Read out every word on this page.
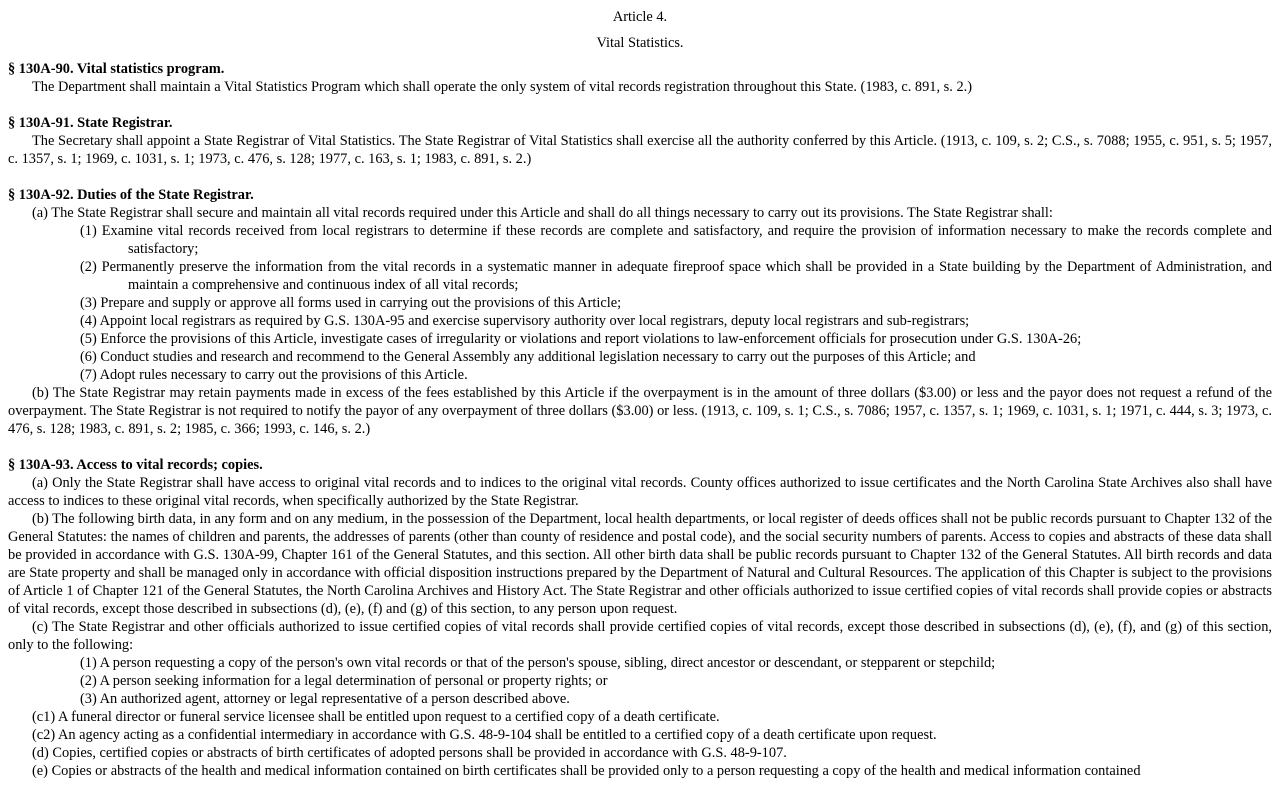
Article 4.

Vital Statistics.

§ 130A-90. Vital statistics program.

The Department shall maintain a Vital Statistics Program which shall operate the only system of vital records registration throughout this State. (1983, c. 891, s. 2.)

§ 130A-91. State Registrar.

The Secretary shall appoint a State Registrar of Vital Statistics. The State Registrar of Vital Statistics shall exercise all the authority conferred by this Article. (1913, c. 109, s. 2; C.S., s. 7088; 1955, c. 951, s. 5; 1957, c. 1357, s. 1; 1969, c. 1031, s. 1; 1973, c. 476, s. 128; 1977, c. 163, s. 1; 1983, c. 891, s. 2.)

§ 130A-92. Duties of the State Registrar.

(a) The State Registrar shall secure and maintain all vital records required under this Article and shall do all things necessary to carry out its provisions. The State Registrar shall:

(1) Examine vital records received from local registrars to determine if these records are complete and satisfactory, and require the provision of information necessary to make the records complete and satisfactory;

(2) Permanently preserve the information from the vital records in a systematic manner in adequate fireproof space which shall be provided in a State building by the Department of Administration, and maintain a comprehensive and continuous index of all vital records;

(3) Prepare and supply or approve all forms used in carrying out the provisions of this Article;

(4) Appoint local registrars as required by G.S. 130A-95 and exercise supervisory authority over local registrars, deputy local registrars and sub-registrars;

(5) Enforce the provisions of this Article, investigate cases of irregularity or violations and report violations to law-enforcement officials for prosecution under G.S. 130A-26;

(6) Conduct studies and research and recommend to the General Assembly any additional legislation necessary to carry out the purposes of this Article; and

(7) Adopt rules necessary to carry out the provisions of this Article.

(b) The State Registrar may retain payments made in excess of the fees established by this Article if the overpayment is in the amount of three dollars ($3.00) or less and the payor does not request a refund of the overpayment. The State Registrar is not required to notify the payor of any overpayment of three dollars ($3.00) or less. (1913, c. 109, s. 1; C.S., s. 7086; 1957, c. 1357, s. 1; 1969, c. 1031, s. 1; 1971, c. 444, s. 3; 1973, c. 476, s. 128; 1983, c. 891, s. 2; 1985, c. 366; 1993, c. 146, s. 2.)

§ 130A-93. Access to vital records; copies.

(a) Only the State Registrar shall have access to original vital records and to indices to the original vital records. County offices authorized to issue certificates and the North Carolina State Archives also shall have access to indices to these original vital records, when specifically authorized by the State Registrar.

(b) The following birth data, in any form and on any medium, in the possession of the Department, local health departments, or local register of deeds offices shall not be public records pursuant to Chapter 132 of the General Statutes: the names of children and parents, the addresses of parents (other than county of residence and postal code), and the social security numbers of parents. Access to copies and abstracts of these data shall be provided in accordance with G.S. 130A-99, Chapter 161 of the General Statutes, and this section. All other birth data shall be public records pursuant to Chapter 132 of the General Statutes. All birth records and data are State property and shall be managed only in accordance with official disposition instructions prepared by the Department of Natural and Cultural Resources. The application of this Chapter is subject to the provisions of Article 1 of Chapter 121 of the General Statutes, the North Carolina Archives and History Act. The State Registrar and other officials authorized to issue certified copies of vital records shall provide copies or abstracts of vital records, except those described in subsections (d), (e), (f) and (g) of this section, to any person upon request.

(c) The State Registrar and other officials authorized to issue certified copies of vital records shall provide certified copies of vital records, except those described in subsections (d), (e), (f), and (g) of this section, only to the following:

(1) A person requesting a copy of the person's own vital records or that of the person's spouse, sibling, direct ancestor or descendant, or stepparent or stepchild;

(2) A person seeking information for a legal determination of personal or property rights; or

(3) An authorized agent, attorney or legal representative of a person described above.

(c1) A funeral director or funeral service licensee shall be entitled upon request to a certified copy of a death certificate.

(c2) An agency acting as a confidential intermediary in accordance with G.S. 48-9-104 shall be entitled to a certified copy of a death certificate upon request.

(d) Copies, certified copies or abstracts of birth certificates of adopted persons shall be provided in accordance with G.S. 48-9-107.

(e) Copies or abstracts of the health and medical information contained on birth certificates shall be provided only to a person requesting a copy of the health and medical information contained
